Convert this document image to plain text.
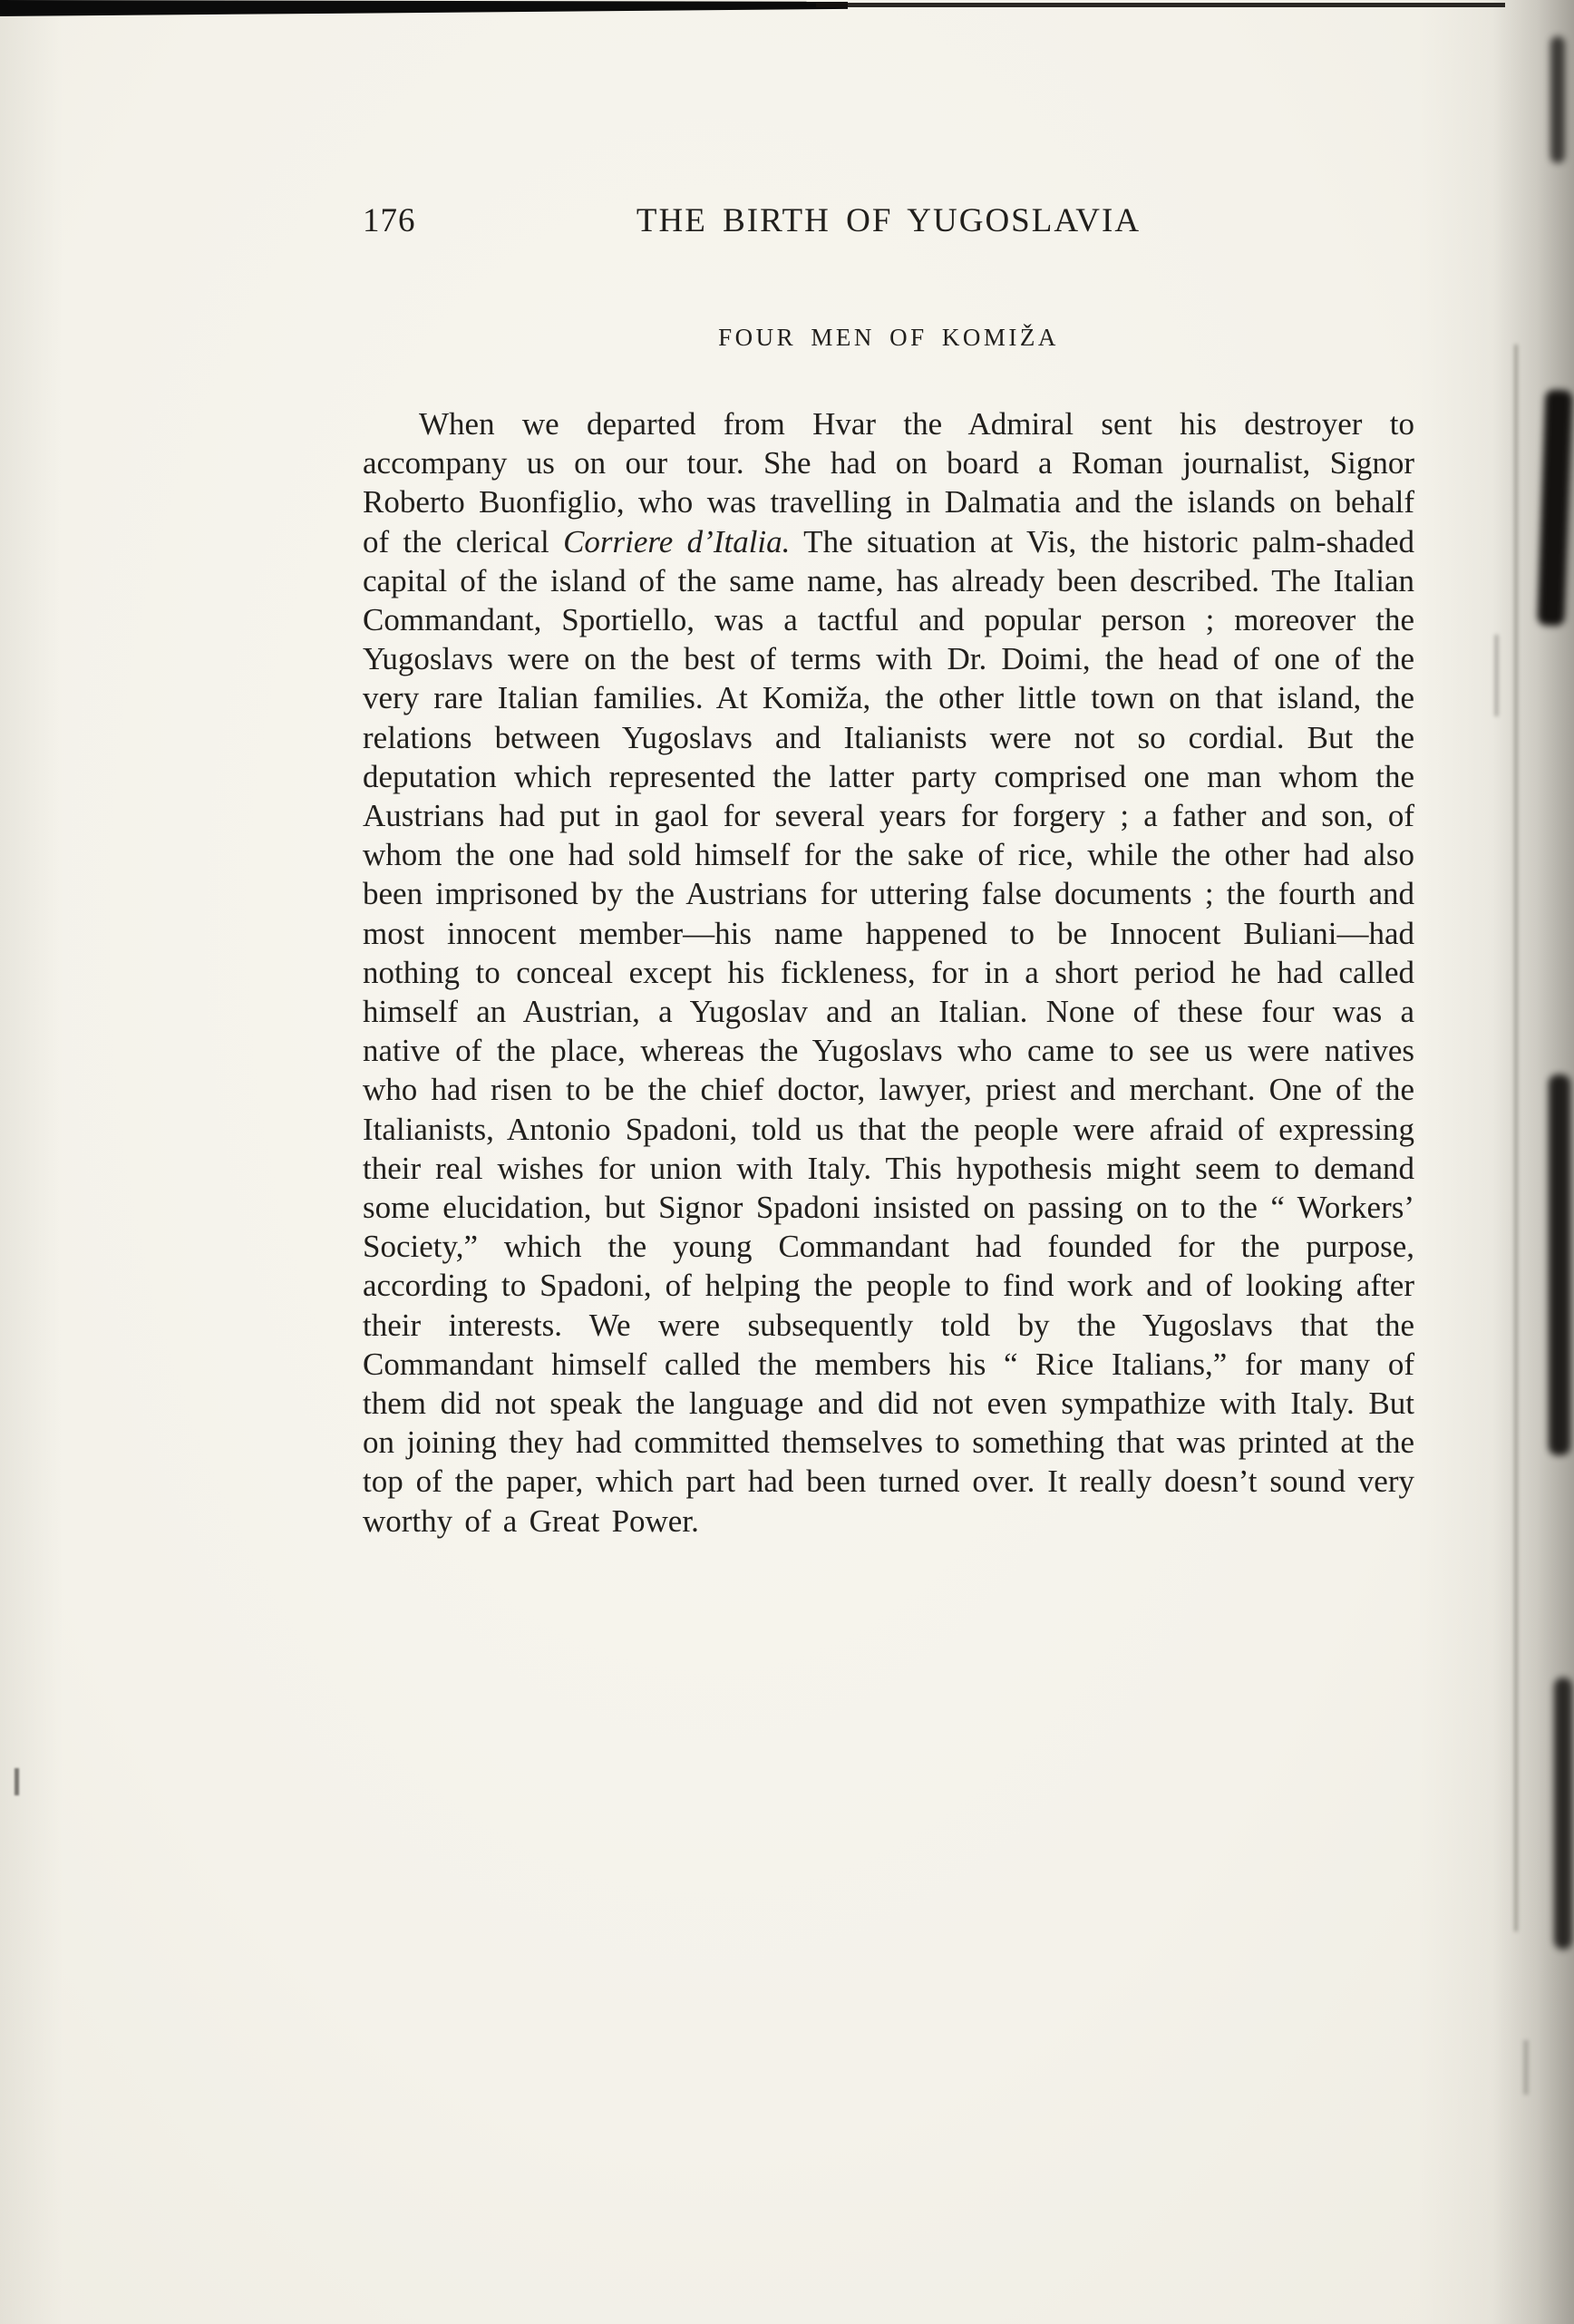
176	THE BIRTH OF YUGOSLAVIA
FOUR MEN OF KOMIŽA

When we departed from Hvar the Admiral sent his destroyer to accompany us on our tour. She had on board a Roman journalist, Signor Roberto Buonfiglio, who was travelling in Dalmatia and the islands on behalf of the clerical Corriere d’Italia. The situation at Vis, the historic palm-shaded capital of the island of the same name, has already been described. The Italian Commandant, Sportiello, was a tactful and popular person ; moreover the Yugoslavs were on the best of terms with Dr. Doimi, the head of one of the very rare Italian families. At Komiža, the other little town on that island, the relations between Yugoslavs and Italianists were not so cordial. But the deputation which represented the latter party comprised one man whom the Austrians had put in gaol for several years for forgery ; a father and son, of whom the one had sold himself for the sake of rice, while the other had also been imprisoned by the Austrians for uttering false documents ; the fourth and most innocent member—his name happened to be Innocent Buliani—had nothing to conceal except his fickleness, for in a short period he had called himself an Austrian, a Yugoslav and an Italian. None of these four was a native of the place, whereas the Yugoslavs who came to see us were natives who had risen to be the chief doctor, lawyer, priest and merchant. One of the Italianists, Antonio Spadoni, told us that the people were afraid of expressing their real wishes for union with Italy. This hypothesis might seem to demand some elucidation, but Signor Spadoni insisted on passing on to the “ Workers’ Society,” which the young Commandant had founded for the purpose, according to Spadoni, of helping the people to find work and of looking after their interests. We were subsequently told by the Yugoslavs that the Commandant himself called the members his “ Rice Italians,” for many of them did not speak the language and did not even sympathize with Italy. But on joining they had committed themselves to something that was printed at the top of the paper, which part had been turned over. It really doesn’t sound very worthy of a Great Power.
